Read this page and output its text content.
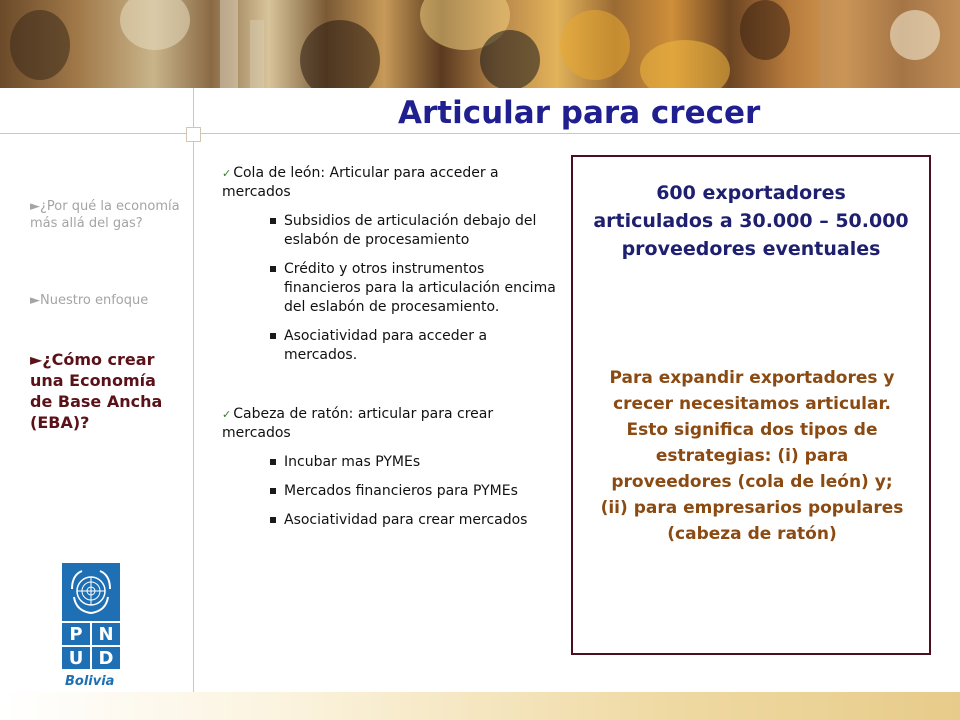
Articular para crecer
►¿Por qué la economía más allá del gas?
►Nuestro enfoque
►¿Cómo crear una Economía de Base Ancha (EBA)?
✓ Cola de león: Articular para acceder a mercados
Subsidios de articulación debajo del eslabón de procesamiento
Crédito y otros instrumentos financieros para la articulación encima del eslabón de procesamiento.
Asociatividad para acceder a mercados.
✓ Cabeza de ratón: articular para crear mercados
Incubar mas PYMEs
Mercados financieros para PYMEs
Asociatividad para crear mercados
600 exportadores articulados a 30.000 – 50.000 proveedores eventuales
Para expandir exportadores y crecer necesitamos articular. Esto significa dos tipos de estrategias: (i) para proveedores (cola de león) y; (ii) para empresarios populares (cabeza de ratón)
P N
U D
Bolivia
